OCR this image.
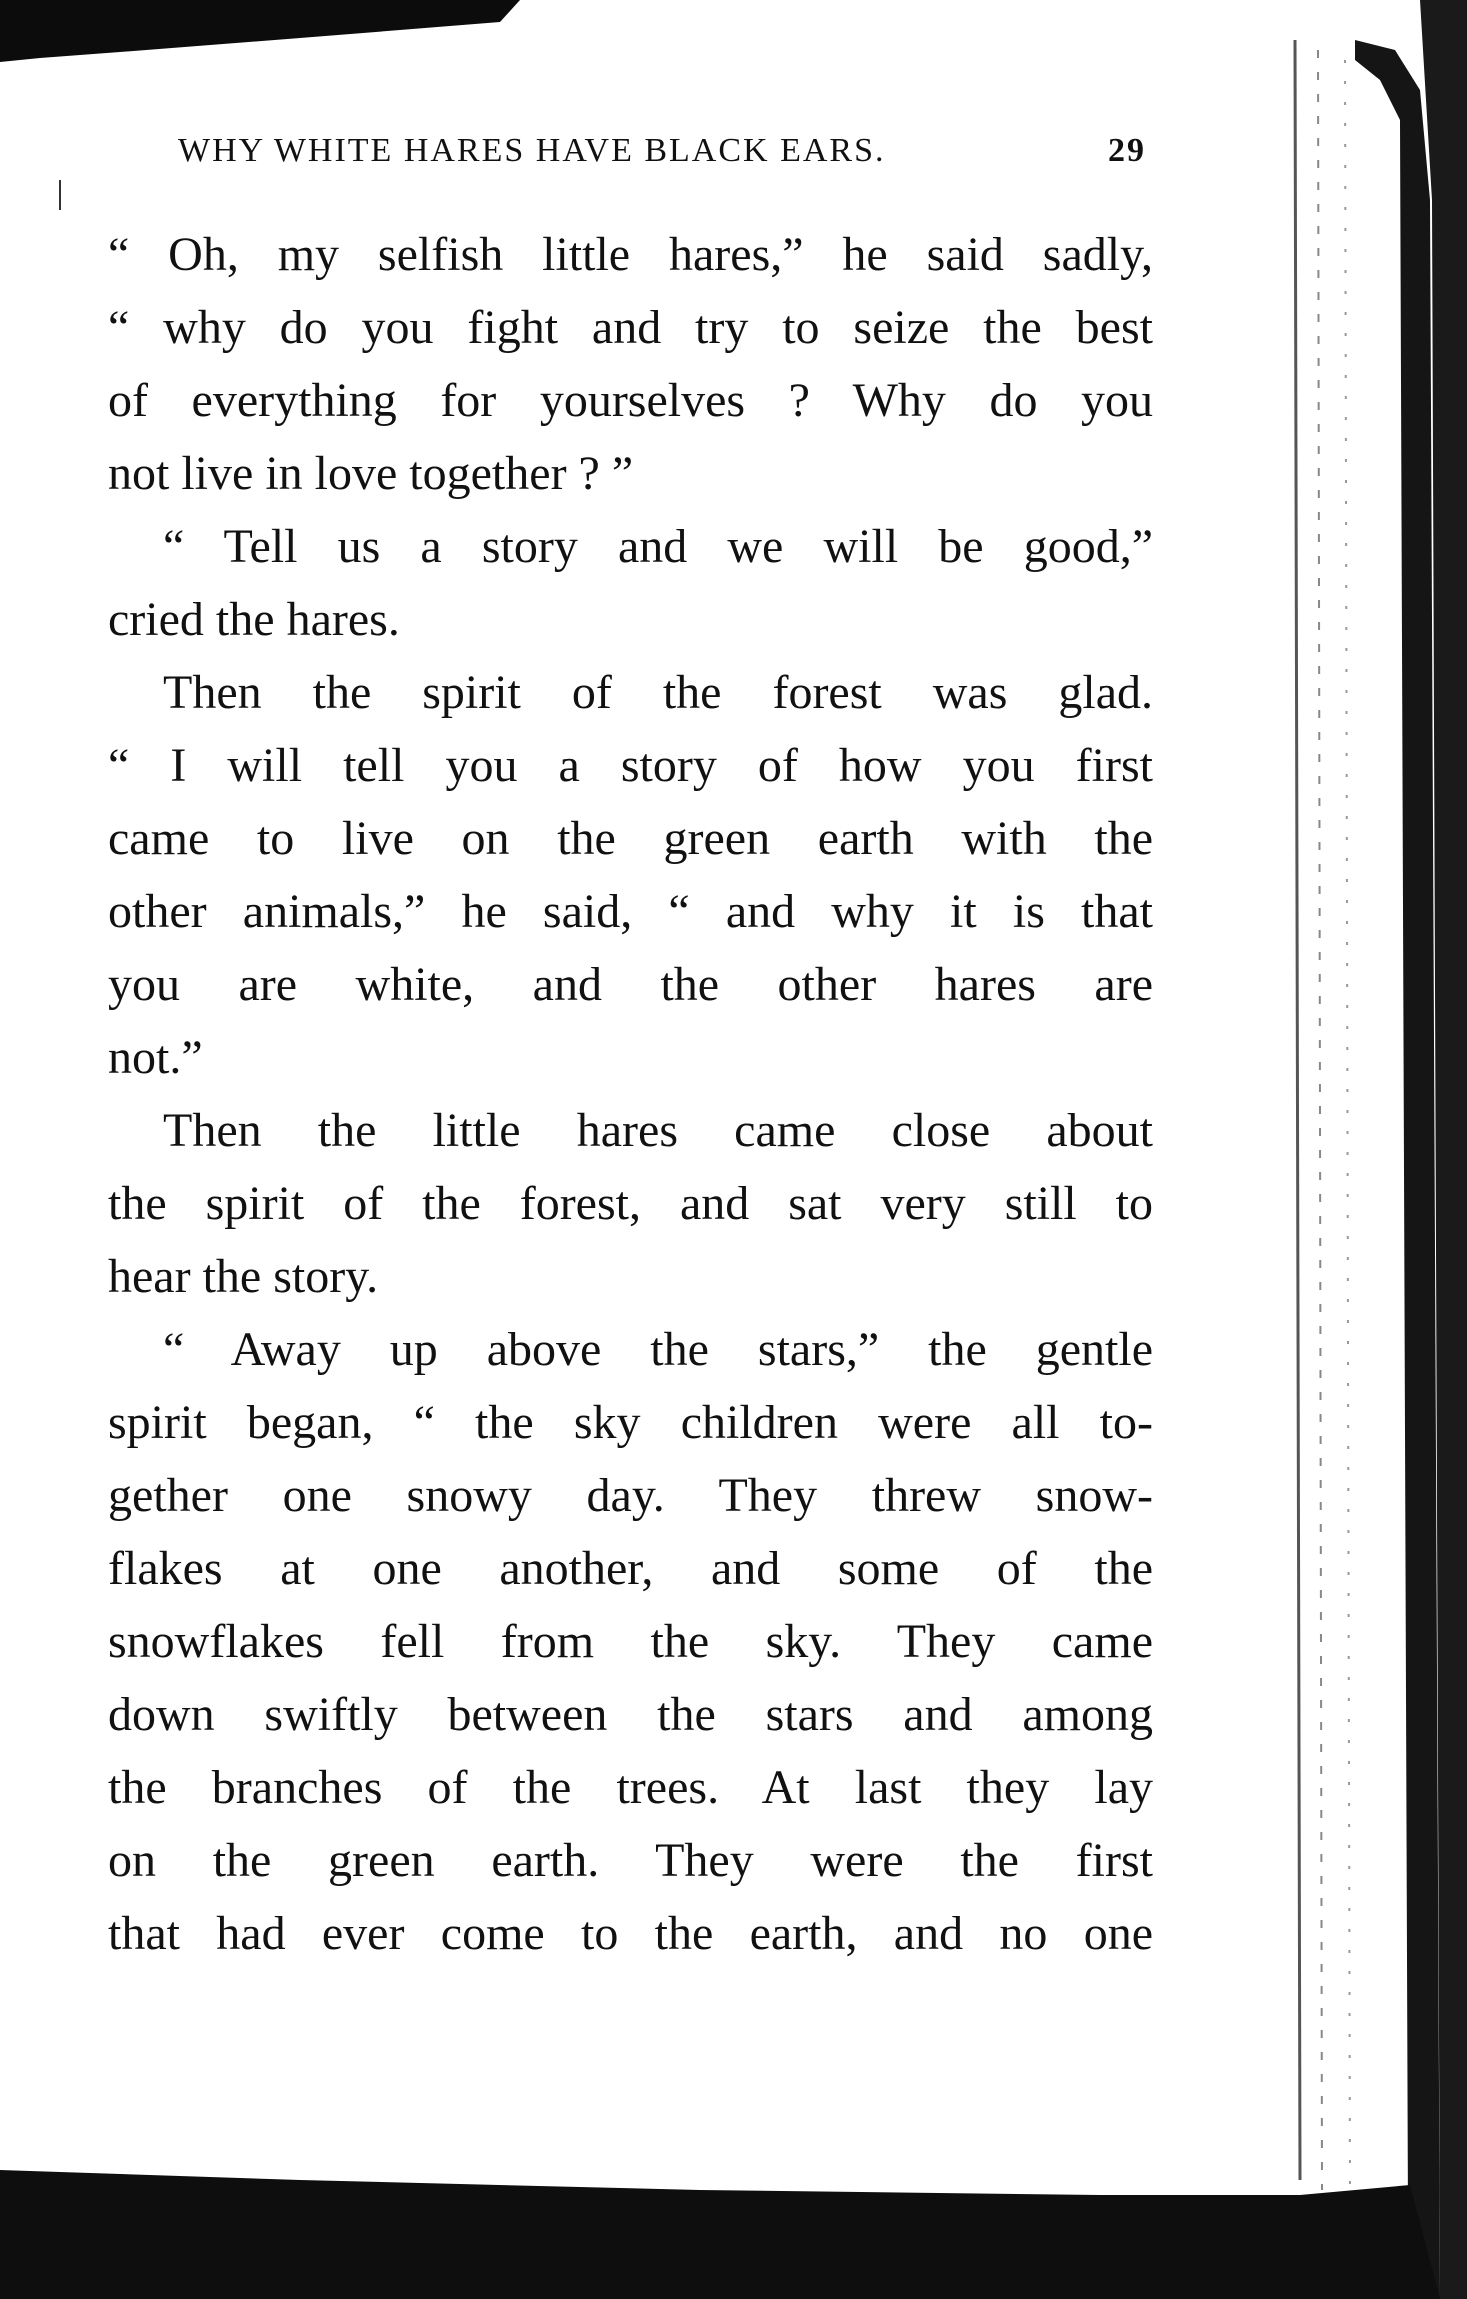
WHY WHITE HARES HAVE BLACK EARS.	29
“ Oh, my selfish little hares,” he said sadly,
“ why do you fight and try to seize the best
of everything for yourselves ? Why do you
not live in love together ? ”
“ Tell us a story and we will be good,”
cried the hares.
Then the spirit of the forest was glad.
“ I will tell you a story of how you first
came to live on the green earth with the
other animals,” he said, “ and why it is that
you are white, and the other hares are
not.”
Then the little hares came close about
the spirit of the forest, and sat very still to
hear the story.
“ Away up above the stars,” the gentle
spirit began, “ the sky children were all to-
gether one snowy day. They threw snow-
flakes at one another, and some of the
snowflakes fell from the sky. They came
down swiftly between the stars and among
the branches of the trees. At last they lay
on the green earth. They were the first
that had ever come to the earth, and no one
